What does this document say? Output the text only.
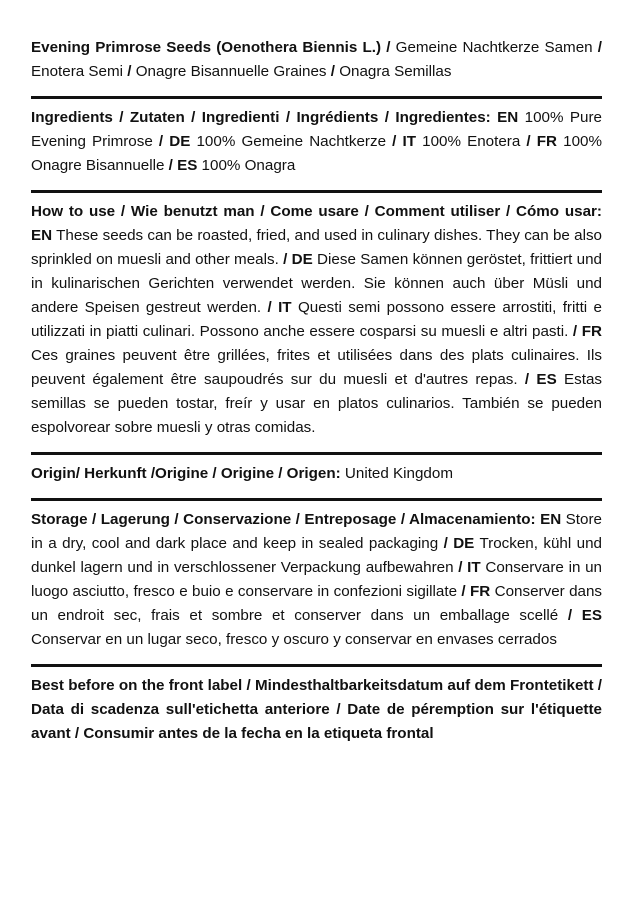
Evening Primrose Seeds (Oenothera Biennis L.) / Gemeine Nachtkerze Samen / Enotera Semi / Onagre Bisannuelle Graines / Onagra Semillas
Ingredients / Zutaten / Ingredienti / Ingrédients / Ingredientes: EN 100% Pure Evening Primrose / DE 100% Gemeine Nachtkerze / IT 100% Enotera / FR 100% Onagre Bisannuelle / ES 100% Onagra
How to use / Wie benutzt man / Come usare / Comment utiliser / Cómo usar: EN These seeds can be roasted, fried, and used in culinary dishes. They can be also sprinkled on muesli and other meals. / DE Diese Samen können geröstet, frittiert und in kulinarischen Gerichten verwendet werden. Sie können auch über Müsli und andere Speisen gestreut werden. / IT Questi semi possono essere arrostiti, fritti e utilizzati in piatti culinari. Possono anche essere cosparsi su muesli e altri pasti. / FR Ces graines peuvent être grillées, frites et utilisées dans des plats culinaires. Ils peuvent également être saupoudrés sur du muesli et d'autres repas. / ES Estas semillas se pueden tostar, freír y usar en platos culinarios. También se pueden espolvorear sobre muesli y otras comidas.
Origin/ Herkunft /Origine / Origine / Origen: United Kingdom
Storage / Lagerung / Conservazione / Entreposage / Almacenamiento: EN Store in a dry, cool and dark place and keep in sealed packaging / DE Trocken, kühl und dunkel lagern und in verschlossener Verpackung aufbewahren / IT Conservare in un luogo asciutto, fresco e buio e conservare in confezioni sigillate / FR Conserver dans un endroit sec, frais et sombre et conserver dans un emballage scellé / ES Conservar en un lugar seco, fresco y oscuro y conservar en envases cerrados
Best before on the front label / Mindesthaltbarkeitsdatum auf dem Frontetikett / Data di scadenza sull'etichetta anteriore / Date de péremption sur l'étiquette avant / Consumir antes de la fecha en la etiqueta frontal
